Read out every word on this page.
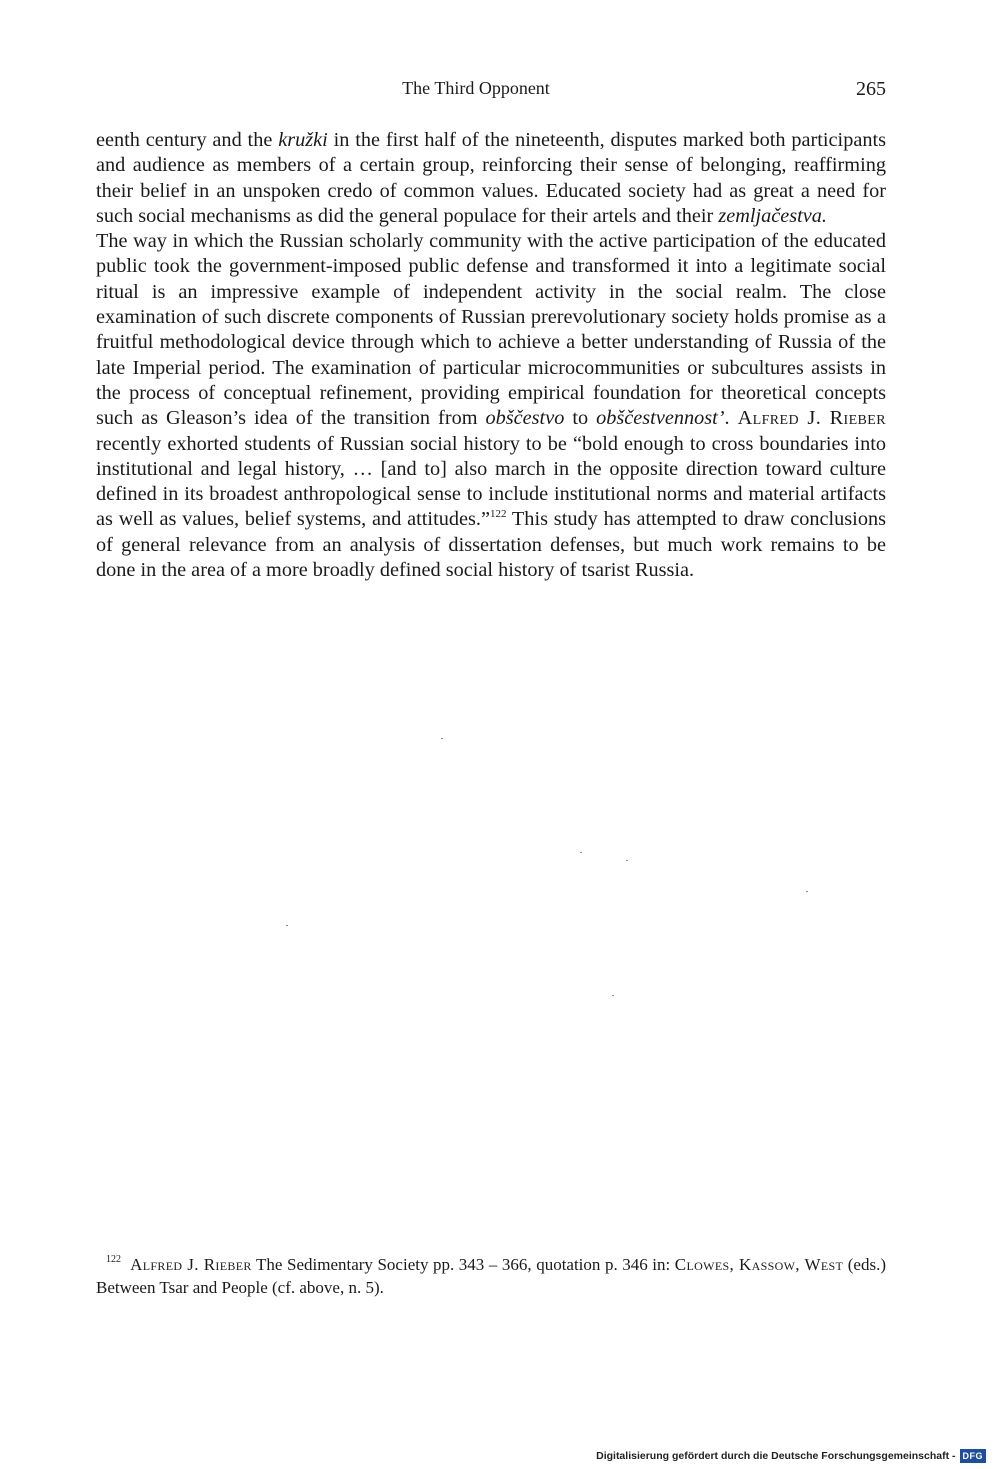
The Third Opponent	265

eenth century and the kružki in the first half of the nineteenth, disputes marked both participants and audience as members of a certain group, reinforcing their sense of belonging, reaffirming their belief in an unspoken credo of common values. Educated society had as great a need for such social mechanisms as did the general populace for their artels and their zemljačestva.

The way in which the Russian scholarly community with the active participation of the educated public took the government-imposed public defense and transformed it into a legitimate social ritual is an impressive example of independent activity in the social realm. The close examination of such discrete components of Russian prerevolutionary society holds promise as a fruitful methodological device through which to achieve a better understanding of Russia of the late Imperial period. The examination of particular microcommunities or subcultures assists in the process of conceptual refinement, providing empirical foundation for theoretical concepts such as Gleason’s idea of the transition from obščestvo to obščestvennost’. Alfred J. Rieber recently exhorted students of Russian social history to be “bold enough to cross boundaries into institutional and legal history, … [and to] also march in the opposite direction toward culture defined in its broadest anthropological sense to include institutional norms and material artifacts as well as values, belief systems, and attitudes.”$^{122}$ This study has attempted to draw conclusions of general relevance from an analysis of dissertation defenses, but much work remains to be done in the area of a more broadly defined social history of tsarist Russia.

$^{122}$ Alfred J. Rieber The Sedimentary Society pp. 343 – 366, quotation p. 346 in: Clowes, Kassow, West (eds.) Between Tsar and People (cf. above, n. 5).

Digitalisierung gefördert durch die Deutsche Forschungsgemeinschaft - DFG
